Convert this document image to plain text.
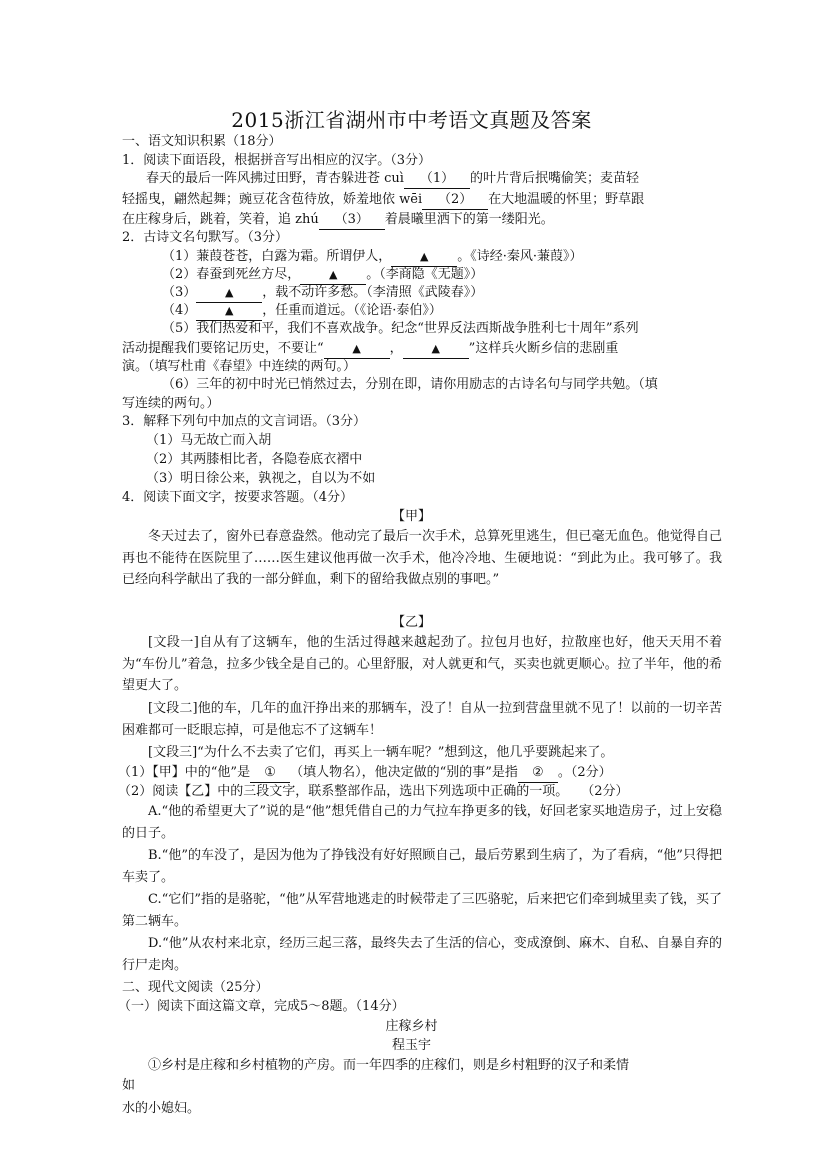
2015浙江省湖州市中考语文真题及答案
一、语文知识积累（18分）
1．阅读下面语段，根据拼音写出相应的汉字。（3分）
春天的最后一阵风拂过田野，青杏躲进苍 cuì （1） 的叶片背后抿嘴偷笑；麦苗轻
轻摇曳，翩然起舞；豌豆花含苞待放，娇羞地依 wēi （2） 在大地温暖的怀里；野草跟
在庄稼身后，跳着，笑着，追 zhú （3） 着晨曦里洒下的第一缕阳光。
2．古诗文名句默写。（3分）
（1）蒹葭苍苍，白露为霜。所谓伊人，	▲ 。《诗经·秦风·蒹葭》）
（2）春蚕到死丝方尽，	▲ 。（李商隐《无题》）
（3）	▲ ，载不动许多愁。（李清照《武陵春》）
（4）	▲ ，任重而道远。（《论语·泰伯》）
（5）我们热爱和平，我们不喜欢战争。纪念“世界反法西斯战争胜利七十周年”系列
活动提醒我们要铭记历史，不要让“	▲ ，	▲ ”这样兵火断乡信的悲剧重
演。（填写杜甫《春望》中连续的两句。）
（6）三年的初中时光已悄然过去，分别在即，请你用励志的古诗名句与同学共勉。（填
写连续的两句。）
3．解释下列句中加点的文言词语。（3分）
（1）马无故亡而入胡
（2）其两膝相比者，各隐卷底衣褶中
（3）明日徐公来，孰视之，自以为不如
4．阅读下面文字，按要求答题。（4分）
【甲】
冬天过去了，窗外已春意盎然。他动完了最后一次手术，总算死里逃生，但已毫无血色。他觉得自己再也不能待在医院里了……医生建议他再做一次手术，他冷冷地、生硬地说：“到此为止。我可够了。我已经向科学献出了我的一部分鲜血，剩下的留给我做点别的事吧。”
【乙】
[文段一]自从有了这辆车，他的生活过得越来越起劲了。拉包月也好，拉散座也好，他天天用不着为“车份儿”着急，拉多少钱全是自己的。心里舒服，对人就更和气，买卖也就更顺心。拉了半年，他的希望更大了。
[文段二]他的车，几年的血汗挣出来的那辆车，没了！自从一拉到营盘里就不见了！以前的一切辛苦困难都可一眨眼忘掉，可是他忘不了这辆车！
[文段三]“为什么不去卖了它们，再买上一辆车呢？”想到这，他几乎要跳起来了。
（1）【甲】中的“他”是 ① （填人物名），他决定做的“别的事”是指 ② 。（2分）
（2）阅读【乙】中的三段文字，联系整部作品，选出下列选项中正确的一项。　　（2分）
A.“他的希望更大了”说的是“他”想凭借自己的力气拉车挣更多的钱，好回老家买地造房子，过上安稳的日子。
B.“他”的车没了，是因为他为了挣钱没有好好照顾自己，最后劳累到生病了，为了看病，“他”只得把车卖了。
C.“它们”指的是骆驼，“他”从军营地逃走的时候带走了三匹骆驼，后来把它们牵到城里卖了钱，买了第二辆车。
D.“他”从农村来北京，经历三起三落，最终失去了生活的信心，变成潦倒、麻木、自私、自暴自弃的行尸走肉。
二、现代文阅读（25分）
（一）阅读下面这篇文章，完成5～8题。（14分）
庄稼乡村
程玉宇
①乡村是庄稼和乡村植物的产房。而一年四季的庄稼们，则是乡村粗野的汉子和柔情
如
水的小媳妇。
